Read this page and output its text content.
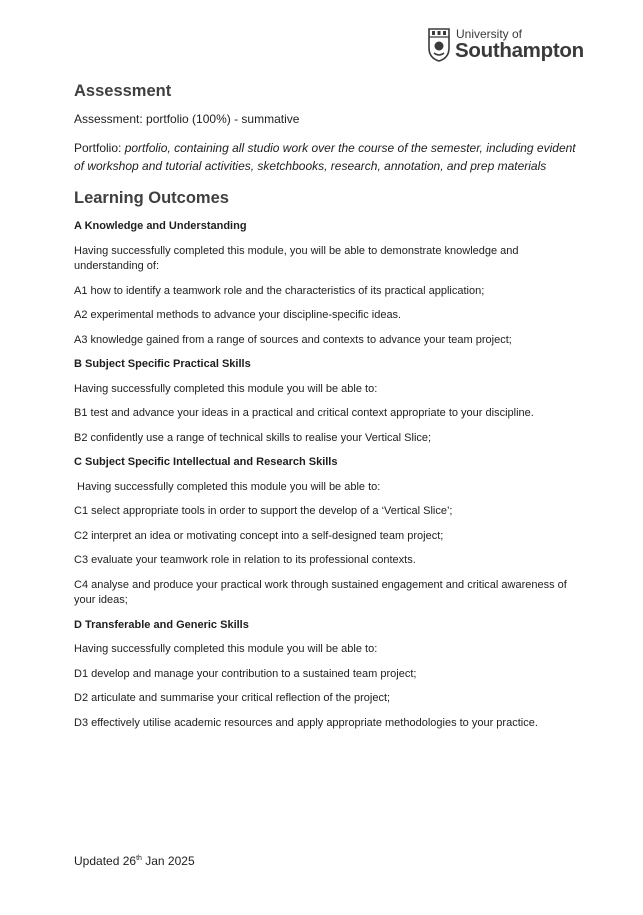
University of
Southampton
Assessment

Assessment: portfolio (100%) - summative

Portfolio: portfolio, containing all studio work over the course of the semester, including evident of workshop and tutorial activities, sketchbooks, research, annotation, and prep materials

Learning Outcomes

A Knowledge and Understanding

Having successfully completed this module, you will be able to demonstrate knowledge and understanding of:

A1 how to identify a teamwork role and the characteristics of its practical application;

A2 experimental methods to advance your discipline-specific ideas.

A3 knowledge gained from a range of sources and contexts to advance your team project;

B Subject Specific Practical Skills

Having successfully completed this module you will be able to:

B1 test and advance your ideas in a practical and critical context appropriate to your discipline.

B2 confidently use a range of technical skills to realise your Vertical Slice;

C Subject Specific Intellectual and Research Skills

Having successfully completed this module you will be able to:

C1 select appropriate tools in order to support the develop of a ‘Vertical Slice’;

C2 interpret an idea or motivating concept into a self-designed team project;

C3 evaluate your teamwork role in relation to its professional contexts.

C4 analyse and produce your practical work through sustained engagement and critical awareness of your ideas;

D Transferable and Generic Skills

Having successfully completed this module you will be able to:

D1 develop and manage your contribution to a sustained team project;

D2 articulate and summarise your critical reflection of the project;

D3 effectively utilise academic resources and apply appropriate methodologies to your practice.

Updated 26th Jan 2025
